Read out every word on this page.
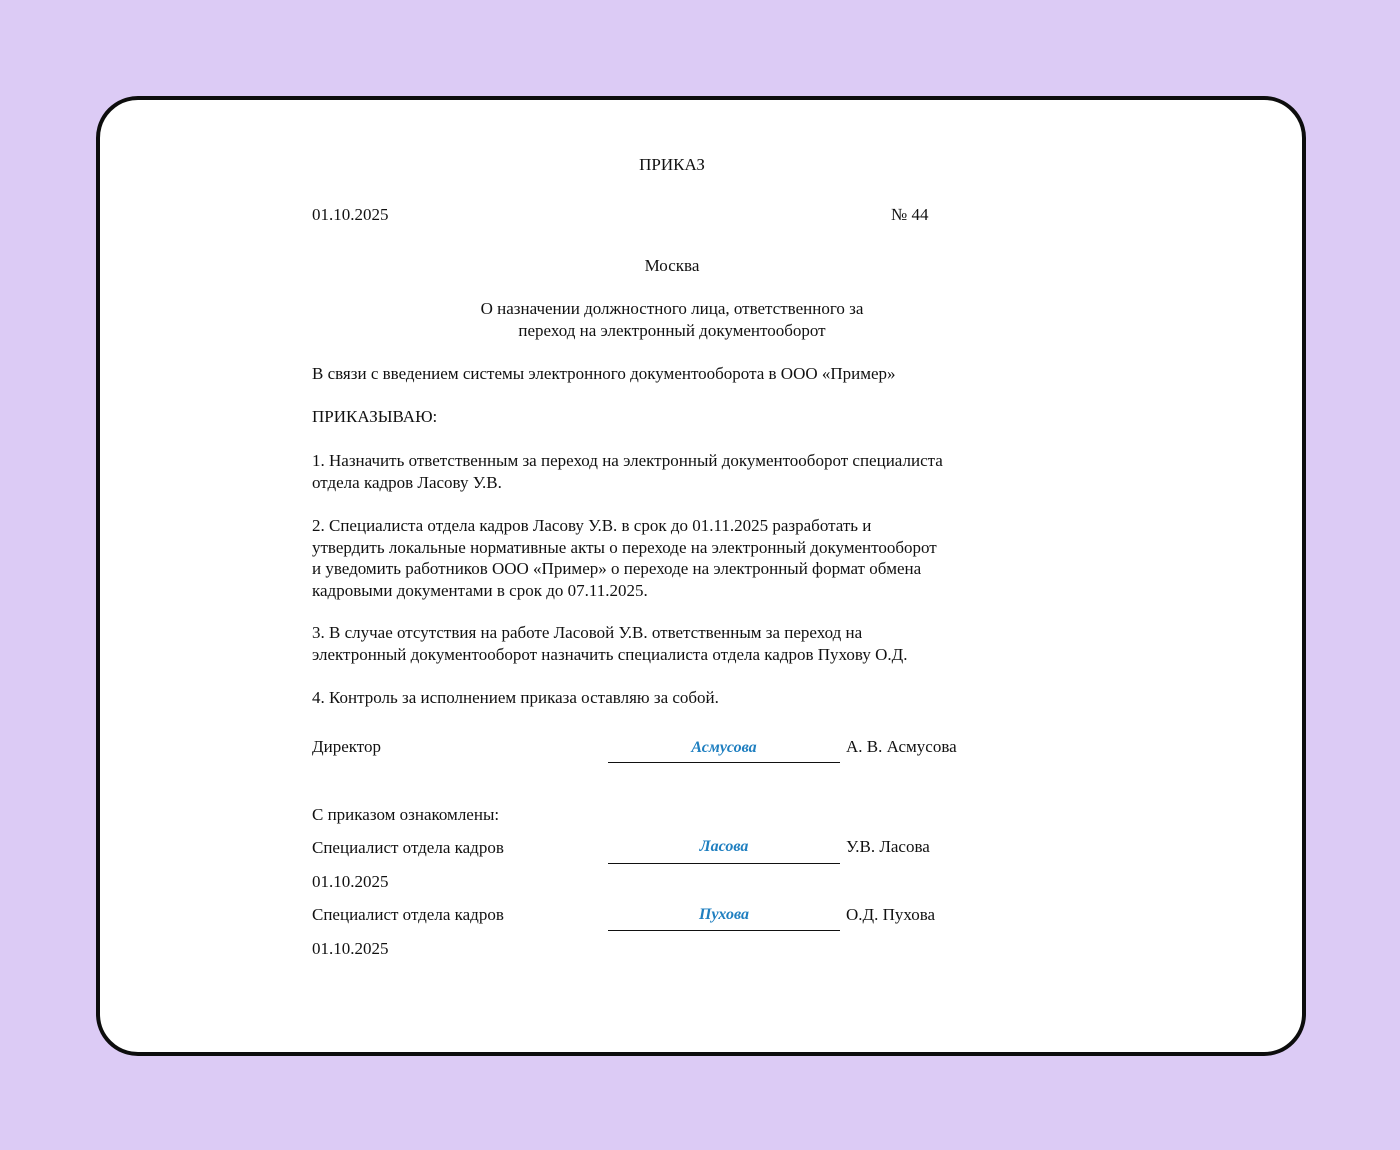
ПРИКАЗ
01.10.2025	№ 44
Москва
О назначении должностного лица, ответственного за
переход на электронный документооборот
В связи с введением системы электронного документооборота в ООО «Пример»
ПРИКАЗЫВАЮ:
1. Назначить ответственным за переход на электронный документооборот специалиста
отдела кадров Ласову У.В.
2. Специалиста отдела кадров Ласову У.В. в срок до 01.11.2025 разработать и
утвердить локальные нормативные акты о переходе на электронный документооборот
и уведомить работников ООО «Пример» о переходе на электронный формат обмена
кадровыми документами в срок до 07.11.2025.
3. В случае отсутствия на работе Ласовой У.В. ответственным за переход на
электронный документооборот назначить специалиста отдела кадров Пухову О.Д.
4. Контроль за исполнением приказа оставляю за собой.
Директор	Асмусова	А. В. Асмусова
С приказом ознакомлены:
Специалист отдела кадров	Ласова	У.В. Ласова
01.10.2025
Специалист отдела кадров	Пухова	О.Д. Пухова
01.10.2025
